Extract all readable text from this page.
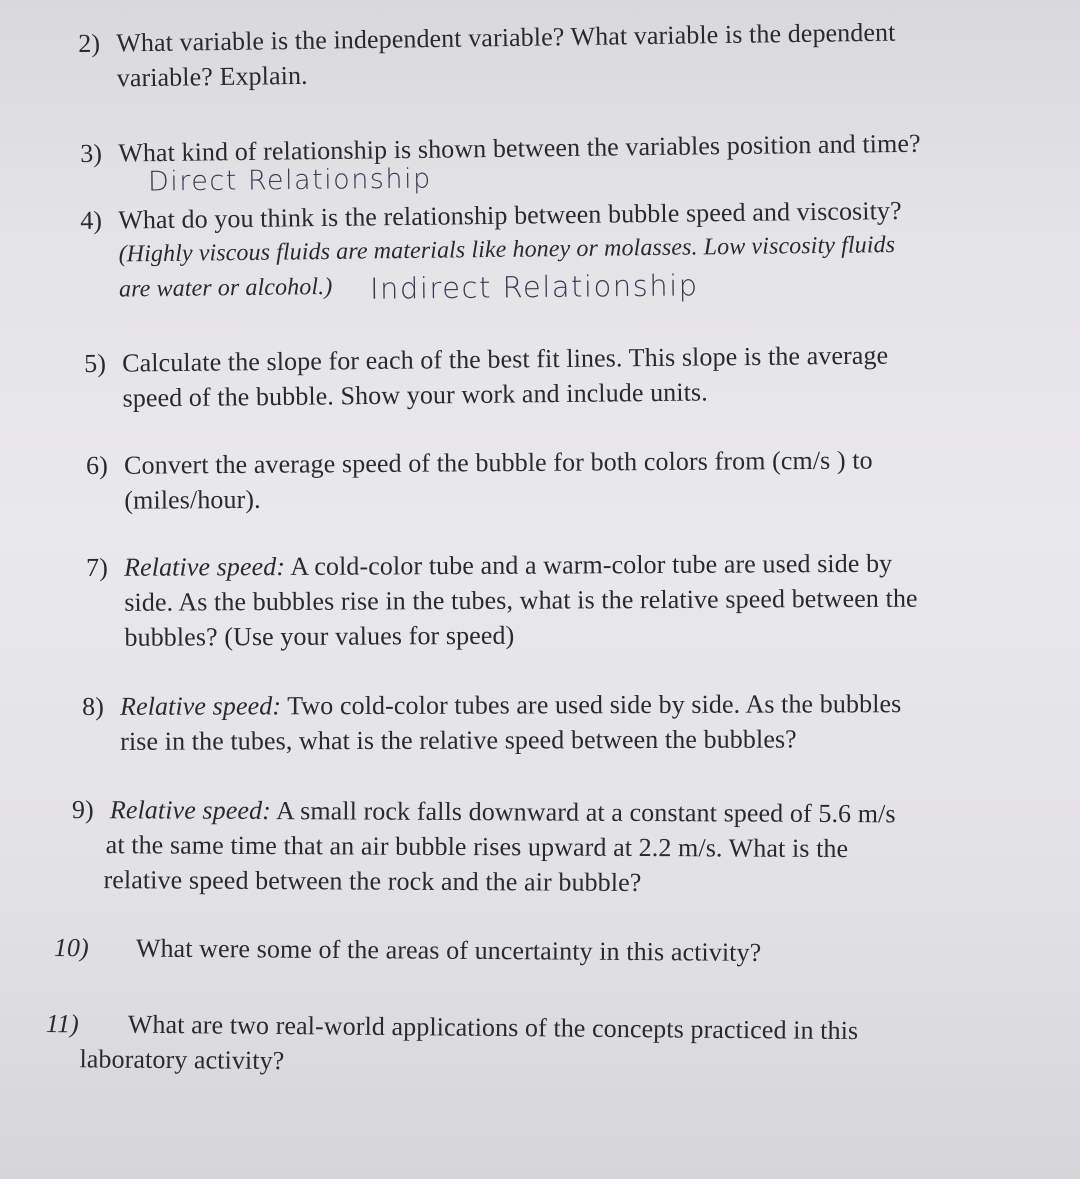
2) What variable is the independent variable? What variable is the dependent
variable? Explain.
3) What kind of relationship is shown between the variables position and time?
Direct Relationship
4) What do you think is the relationship between bubble speed and viscosity?
(Highly viscous fluids are materials like honey or molasses. Low viscosity fluids
are water or alcohol.)	Indirect Relationship
5) Calculate the slope for each of the best fit lines. This slope is the average
speed of the bubble. Show your work and include units.
6) Convert the average speed of the bubble for both colors from (cm/s ) to
(miles/hour).
7) Relative speed: A cold-color tube and a warm-color tube are used side by
side. As the bubbles rise in the tubes, what is the relative speed between the
bubbles? (Use your values for speed)
8) Relative speed: Two cold-color tubes are used side by side. As the bubbles
rise in the tubes, what is the relative speed between the bubbles?
9) Relative speed: A small rock falls downward at a constant speed of 5.6 m/s
at the same time that an air bubble rises upward at 2.2 m/s. What is the
relative speed between the rock and the air bubble?
10) What were some of the areas of uncertainty in this activity?
11) What are two real-world applications of the concepts practiced in this
laboratory activity?
